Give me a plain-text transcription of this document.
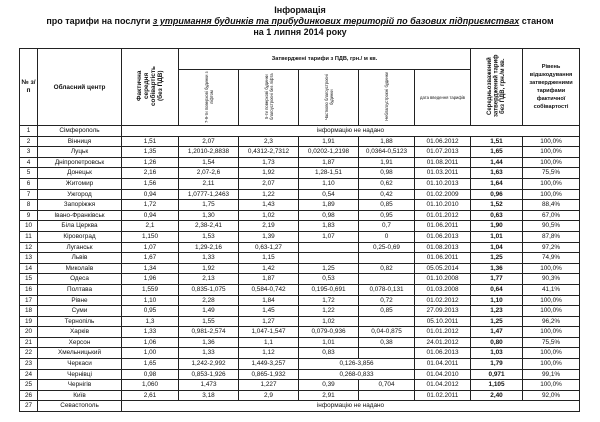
Інформація
про тарифи на послуги з утримання будинків та прибудинкових територій по базових підприємствах станом
на 1 липня 2014 року
№ з/п	Обласний центр	Фактична середня собівартість (без ПДВ)	Затверджені тарифи з ПДВ, грн./ м кв.					Середньозважений затверджений тариф без ПДВ, грн./м кв.	Рівень відшкодування затвердженими тарифами фактичної собівартості
			7-9-ти поверхові будинки з ліфтом	5-ти поверхові будинки благоустроєні без ліфта	Частково благоустроєні будинки	Неблагоустроєні будинки	дата введення тарифів		
1	Сімферополь	інформацію не надано							
2	Вінниця	1,51	2,07	2,3	1,91	1,88	01.06.2012	1,51	100,0%
3	Луцьк	1,35	1,2010-2,8838	0,4312-2,7312	0,0202-1,2198	0,0364-0,5123	01.07.2013	1,65	100,0%
4	Дніпропетровськ	1,26	1,54	1,73	1,87	1,91	01.08.2011	1,44	100,0%
5	Донецьк	2,16	2,07-2,6	1,92	1,28-1,51	0,98	01.03.2011	1,63	75,5%
6	Житомир	1,56	2,11	2,07	1,10	0,62	01.10.2013	1,64	100,0%
7	Ужгород	0,94	1,0777-1,2463	1,22	0,54	0,42	01.02.2009	0,96	100,0%
8	Запоріжжя	1,72	1,75	1,43	1,89	0,85	01.10.2010	1,52	88,4%
9	Івано-Франківськ	0,94	1,30	1,02	0,98	0,95	01.01.2012	0,63	67,0%
10	Біла Церква	2,1	2,38-2,41	2,19	1,83	0,7	01.06.2011	1,90	90,5%
11	Кіровоград	1,150	1,53	1,39	1,07	0	01.06.2013	1,01	87,8%
12	Луганськ	1,07	1,29-2,16	0,63-1,27		0,25-0,69	01.08.2013	1,04	97,2%
13	Львів	1,67	1,33	1,15			01.06.2011	1,25	74,9%
14	Миколаїв	1,34	1,92	1,42	1,25	0,82	05.05.2014	1,36	100,0%
15	Одеса	1,96	2,13	1,87	0,53		01.10.2008	1,77	90,3%
16	Полтава	1,559	0,835-1,075	0,584-0,742	0,195-0,691	0,078-0,131	01.03.2008	0,64	41,1%
17	Рівне	1,10	2,28	1,84	1,72	0,72	01.02.2012	1,10	100,0%
18	Суми	0,95	1,49	1,45	1,22	0,85	27.09.2013	1,23	100,0%
19	Тернопіль	1,3	1,55	1,27	1,02		05.10.2011	1,25	96,2%
20	Харків	1,33	0,981-2,574	1,047-1,547	0,079-0,936	0,04-0,875	01.01.2012	1,47	100,0%
21	Херсон	1,06	1,36	1,1	1,01	0,38	24.01.2012	0,80	75,5%
22	Хмельницький	1,00	1,33	1,12	0,83		01.06.2013	1,03	100,0%
23	Черкаси	1,65	1,242-2,992	1,449-3,257	0,126-3,856		01.04.2011	1,79	100,0%
24	Чернівці	0,98	0,853-1,926	0,865-1,932	0,268-0,833		01.04.2010	0,971	99,1%
25	Чернігів	1,060	1,473	1,227	0,39	0,704	01.04.2012	1,105	100,0%
26	Київ	2,61	3,18	2,9	2,91		01.02.2011	2,40	92,0%
27	Севастополь	інформацію не надано							
